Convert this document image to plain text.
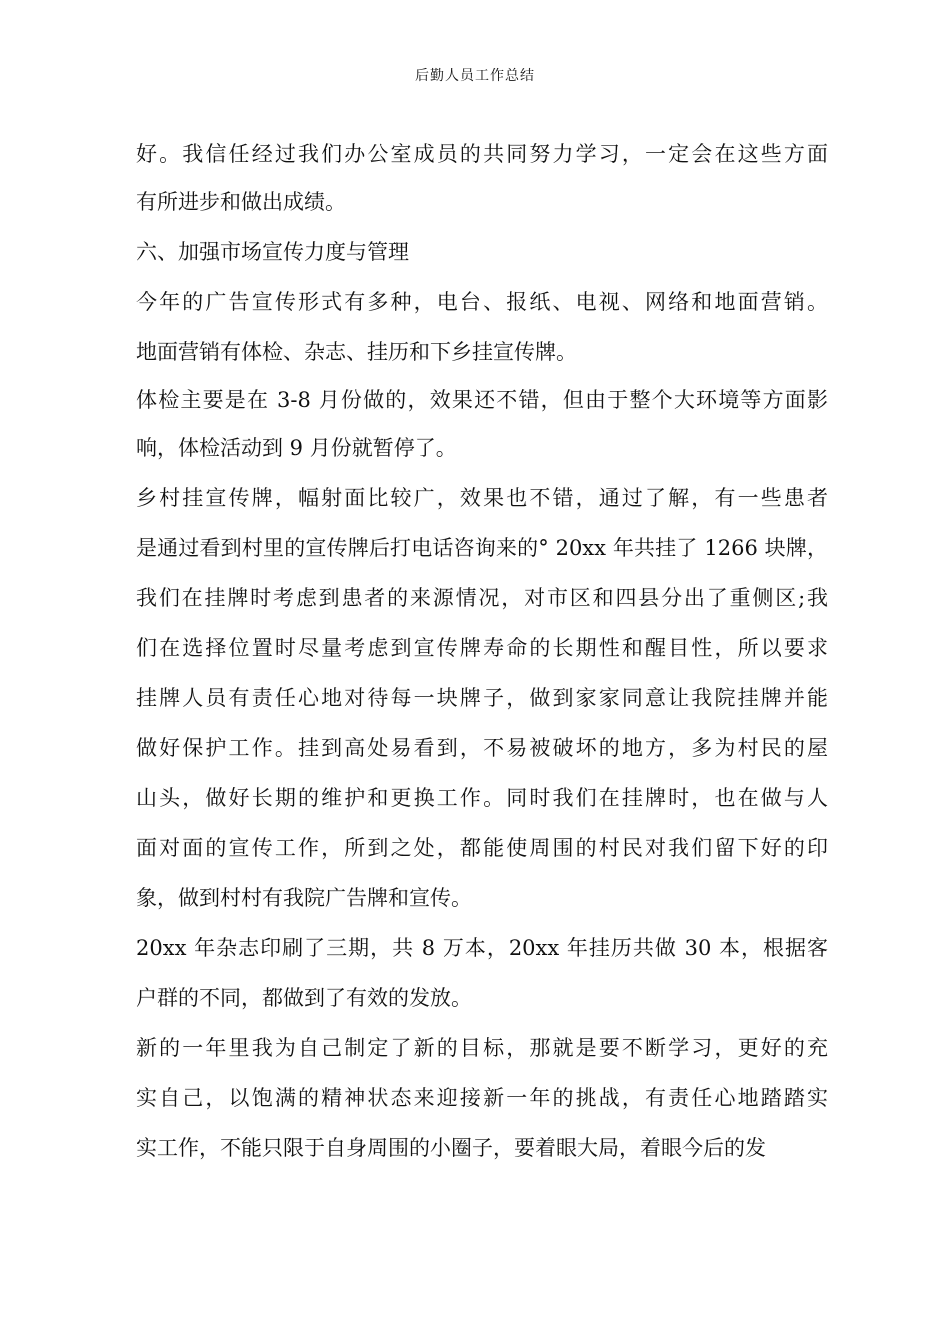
后勤人员工作总结
好。我信任经过我们办公室成员的共同努力学习，一定会在这些方面
有所进步和做出成绩。
六、加强市场宣传力度与管理
今年的广告宣传形式有多种，电台、报纸、电视、网络和地面营销。
地面营销有体检、杂志、挂历和下乡挂宣传牌。
体检主要是在 3-8 月份做的，效果还不错，但由于整个大环境等方面影
响，体检活动到 9 月份就暂停了。
乡村挂宣传牌，幅射面比较广，效果也不错，通过了解，有一些患者
是通过看到村里的宣传牌后打电话咨询来的° 20xx 年共挂了 1266 块牌，
我们在挂牌时考虑到患者的来源情况，对市区和四县分出了重侧区;我
们在选择位置时尽量考虑到宣传牌寿命的长期性和醒目性，所以要求
挂牌人员有责任心地对待每一块牌子，做到家家同意让我院挂牌并能
做好保护工作。挂到高处易看到，不易被破坏的地方，多为村民的屋
山头，做好长期的维护和更换工作。同时我们在挂牌时，也在做与人
面对面的宣传工作，所到之处，都能使周围的村民对我们留下好的印
象，做到村村有我院广告牌和宣传。
20xx 年杂志印刷了三期，共 8 万本，20xx 年挂历共做 30 本，根据客
户群的不同，都做到了有效的发放。
新的一年里我为自己制定了新的目标，那就是要不断学习，更好的充
实自己，以饱满的精神状态来迎接新一年的挑战，有责任心地踏踏实
实工作，不能只限于自身周围的小圈子，要着眼大局，着眼今后的发
